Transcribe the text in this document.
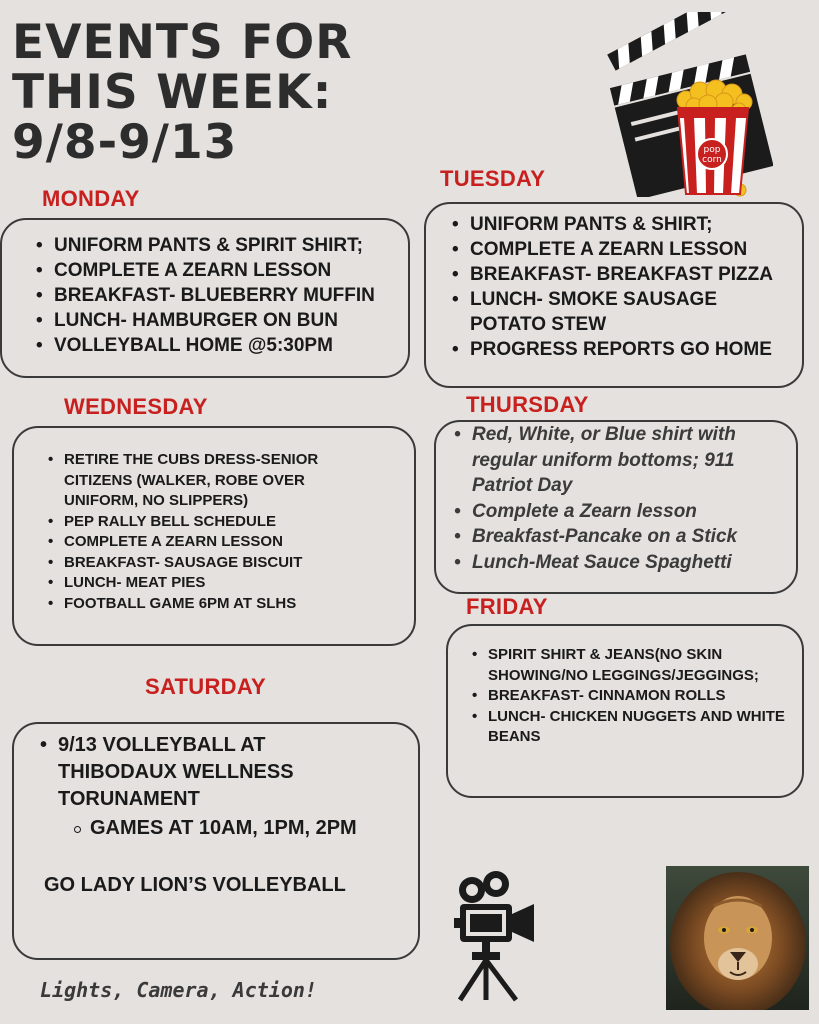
EVENTS FOR
THIS WEEK:
9/8-9/13	pop
corn
MONDAY
• UNIFORM PANTS & SPIRIT SHIRT;
• COMPLETE A ZEARN LESSON
• BREAKFAST- BLUEBERRY MUFFIN
• LUNCH- HAMBURGER ON BUN
• VOLLEYBALL HOME @5:30PM
TUESDAY
• UNIFORM PANTS & SHIRT;
• COMPLETE A ZEARN LESSON
• BREAKFAST- BREAKFAST PIZZA
• LUNCH- SMOKE SAUSAGE POTATO STEW
• PROGRESS REPORTS GO HOME
WEDNESDAY
• RETIRE THE CUBS DRESS-SENIOR CITIZENS (WALKER, ROBE OVER UNIFORM, NO SLIPPERS)
• PEP RALLY BELL SCHEDULE
• COMPLETE A ZEARN LESSON
• BREAKFAST- SAUSAGE BISCUIT
• LUNCH- MEAT PIES
• FOOTBALL GAME 6PM AT SLHS
THURSDAY
• Red, White, or Blue shirt with regular uniform bottoms; 911 Patriot Day
• Complete a Zearn lesson
• Breakfast-Pancake on a Stick
• Lunch-Meat Sauce Spaghetti
FRIDAY
• SPIRIT SHIRT & JEANS(NO SKIN SHOWING/NO LEGGINGS/JEGGINGS;
• BREAKFAST- CINNAMON ROLLS
• LUNCH- CHICKEN NUGGETS AND WHITE BEANS
SATURDAY
• 9/13 VOLLEYBALL AT THIBODAUX WELLNESS TORUNAMENT
GAMES AT 10AM, 1PM, 2PM
GO LADY LION’S VOLLEYBALL

Lights, Camera, Action!
